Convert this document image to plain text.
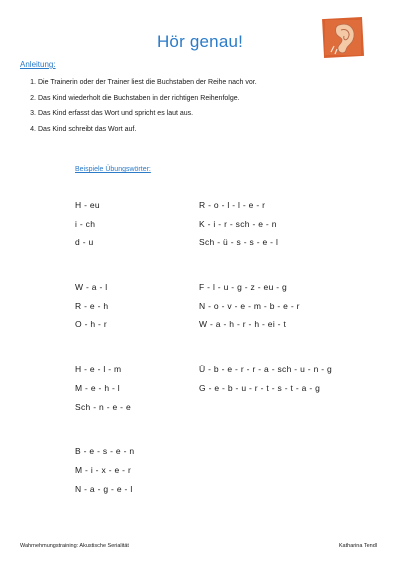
Hör genau!
Anleitung:
1. Die Trainerin oder der Trainer liest die Buchstaben der Reihe nach vor.
2. Das Kind wiederholt die Buchstaben in der richtigen Reihenfolge.
3. Das Kind erfasst das Wort und spricht es laut aus.
4. Das Kind schreibt das Wort auf.
Beispiele Übungswörter:
H - eu
i - ch
d - u
W - a - l
R - e - h
O - h - r
H - e - l - m
M - e - h - l
Sch - n - e - e
B - e - s - e - n
M - i - x - e - r
N - a - g - e - l
R - o - l - l - e - r
K - i - r - sch - e - n
Sch - ü - s - s - e - l
F - l - u - g - z - eu - g
N - o - v - e - m - b - e - r
W - a - h - r - h - ei - t
Ü - b - e - r - r - a - sch - u - n - g
G - e - b - u - r - t - s - t - a - g
Wahrnehmungstraining: Akustische Serialität	Katharina Tendl
